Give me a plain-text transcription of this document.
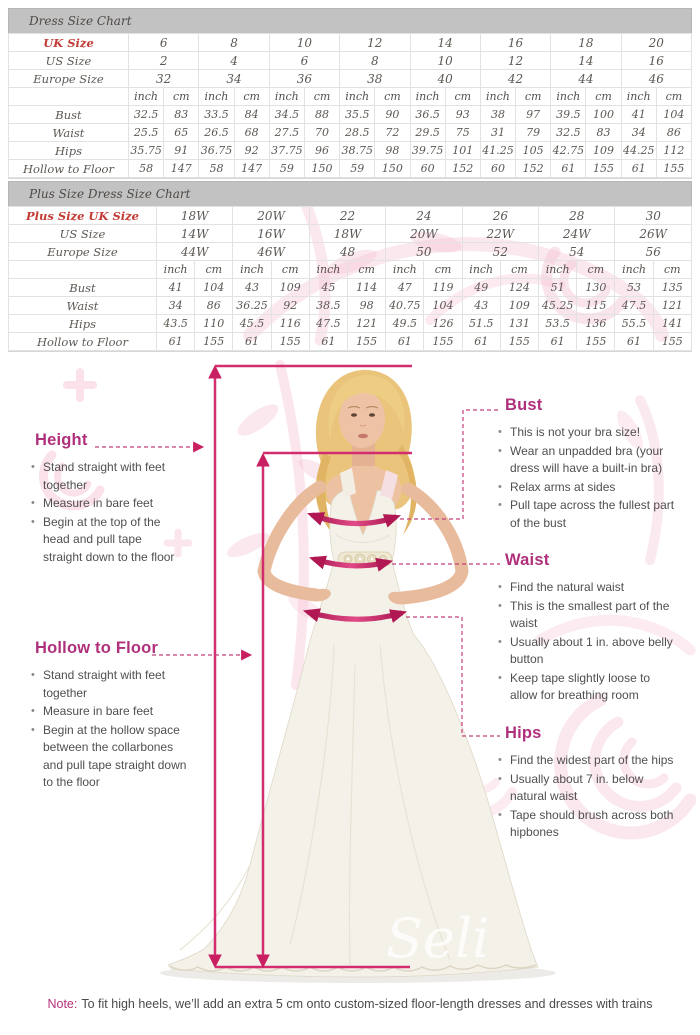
Dress Size Chart
UK Size	6		8		10		12		14		16		18		20	
US Size	2		4		6		8		10		12		14		16	
Europe Size	32		34		36		38		40		42		44		46	
	inch	cm	inch	cm	inch	cm	inch	cm	inch	cm	inch	cm	inch	cm	inch	cm
Bust	32.5	83	33.5	84	34.5	88	35.5	90	36.5	93	38	97	39.5	100	41	104
Waist	25.5	65	26.5	68	27.5	70	28.5	72	29.5	75	31	79	32.5	83	34	86
Hips	35.75	91	36.75	92	37.75	96	38.75	98	39.75	101	41.25	105	42.75	109	44.25	112
Hollow to Floor	58	147	58	147	59	150	59	150	60	152	60	152	61	155	61	155
Plus Size Dress Size Chart
Plus Size UK Size	18W		20W		22		24		26		28		30	
US Size	14W		16W		18W		20W		22W		24W		26W	
Europe Size	44W		46W		48		50		52		54		56	
	inch	cm	inch	cm	inch	cm	inch	cm	inch	cm	inch	cm	inch	cm
Bust	41	104	43	109	45	114	47	119	49	124	51	130	53	135
Waist	34	86	36.25	92	38.5	98	40.75	104	43	109	45.25	115	47.5	121
Hips	43.5	110	45.5	116	47.5	121	49.5	126	51.5	131	53.5	136	55.5	141
Hollow to Floor	61	155	61	155	61	155	61	155	61	155	61	155	61	155
Seli
Height
• Stand straight with feet together
• Measure in bare feet
• Begin at the top of the head and pull tape straight down to the floor
Hollow to Floor
• Stand straight with feet together
• Measure in bare feet
• Begin at the hollow space between the collarbones and pull tape straight down to the floor
Bust
• This is not your bra size!
• Wear an unpadded bra (your dress will have a built-in bra)
• Relax arms at sides
• Pull tape across the fullest part of the bust
Waist
• Find the natural waist
• This is the smallest part of the waist
• Usually about 1 in. above belly button
• Keep tape slightly loose to allow for breathing room
Hips
• Find the widest part of the hips
• Usually about 7 in. below natural waist
• Tape should brush across both hipbones
Note: To fit high heels, we’ll add an extra 5 cm onto custom-sized floor-length dresses and dresses with trains
